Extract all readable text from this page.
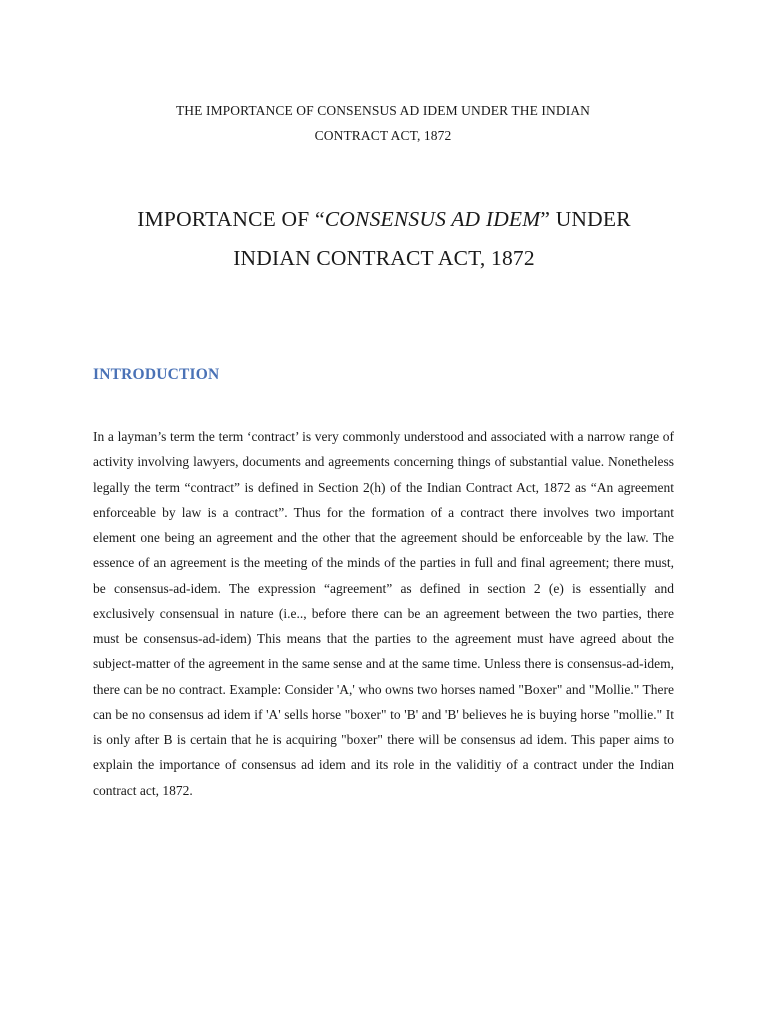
THE IMPORTANCE OF CONSENSUS AD IDEM UNDER THE INDIAN
CONTRACT ACT, 1872
IMPORTANCE OF “CONSENSUS AD IDEM” UNDER
INDIAN CONTRACT ACT, 1872
INTRODUCTION

In a layman’s term the term ‘contract’ is very commonly understood and associated with a narrow range of activity involving lawyers, documents and agreements concerning things of substantial value. Nonetheless legally the term “contract” is defined in Section 2(h) of the Indian Contract Act, 1872 as “An agreement enforceable by law is a contract”. Thus for the formation of a contract there involves two important element one being an agreement and the other that the agreement should be enforceable by the law. The essence of an agreement is the meeting of the minds of the parties in full and final agreement; there must, be consensus-ad-idem. The expression “agreement” as defined in section 2 (e) is essentially and exclusively consensual in nature (i.e.., before there can be an agreement between the two parties, there must be consensus-ad-idem) This means that the parties to the agreement must have agreed about the subject-matter of the agreement in the same sense and at the same time. Unless there is consensus-ad-idem, there can be no contract. Example: Consider 'A,' who owns two horses named "Boxer" and "Mollie." There can be no consensus ad idem if 'A' sells horse "boxer" to 'B' and 'B' believes he is buying horse "mollie." It is only after B is certain that he is acquiring "boxer" there will be consensus ad idem. This paper aims to explain the importance of consensus ad idem and its role in the validitiy of a contract under the Indian contract act, 1872.
